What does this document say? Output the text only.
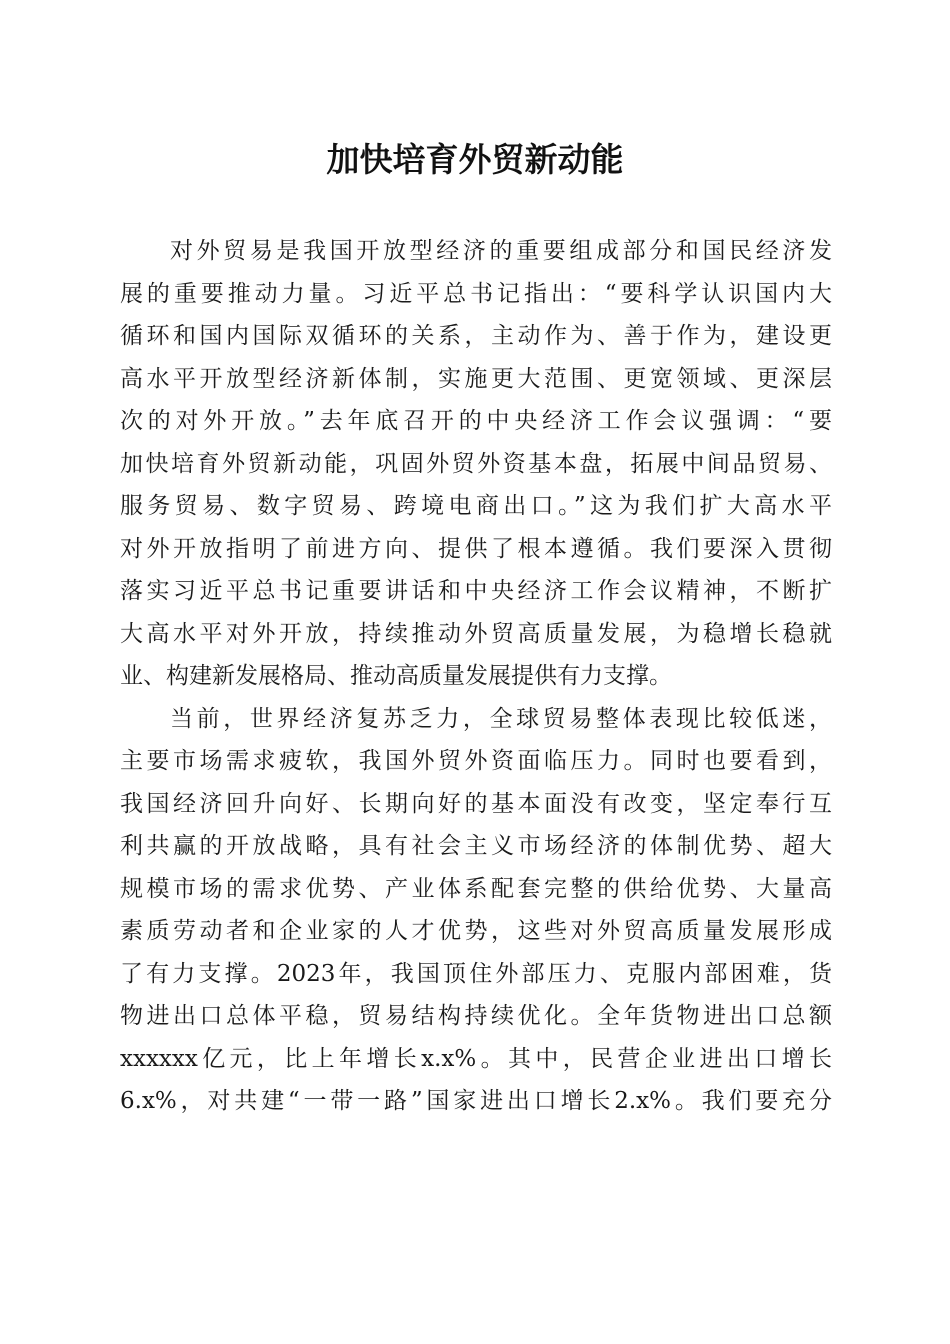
加快培育外贸新动能
对外贸易是我国开放型经济的重要组成部分和国民经济发
展的重要推动力量。习近平总书记指出：“要科学认识国内大
循环和国内国际双循环的关系，主动作为、善于作为，建设更
高水平开放型经济新体制，实施更大范围、更宽领域、更深层
次的对外开放。”去年底召开的中央经济工作会议强调：“要
加快培育外贸新动能，巩固外贸外资基本盘，拓展中间品贸易、
服务贸易、数字贸易、跨境电商出口。”这为我们扩大高水平
对外开放指明了前进方向、提供了根本遵循。我们要深入贯彻
落实习近平总书记重要讲话和中央经济工作会议精神，不断扩
大高水平对外开放，持续推动外贸高质量发展，为稳增长稳就
业、构建新发展格局、推动高质量发展提供有力支撑。
当前，世界经济复苏乏力，全球贸易整体表现比较低迷，
主要市场需求疲软，我国外贸外资面临压力。同时也要看到，
我国经济回升向好、长期向好的基本面没有改变，坚定奉行互
利共赢的开放战略，具有社会主义市场经济的体制优势、超大
规模市场的需求优势、产业体系配套完整的供给优势、大量高
素质劳动者和企业家的人才优势，这些对外贸高质量发展形成
了有力支撑。2023年，我国顶住外部压力、克服内部困难，货
物进出口总体平稳，贸易结构持续优化。全年货物进出口总额
xxxxxx亿元，比上年增长x.x%。其中，民营企业进出口增长
6.x%，对共建“一带一路”国家进出口增长2.x%。我们要充分
